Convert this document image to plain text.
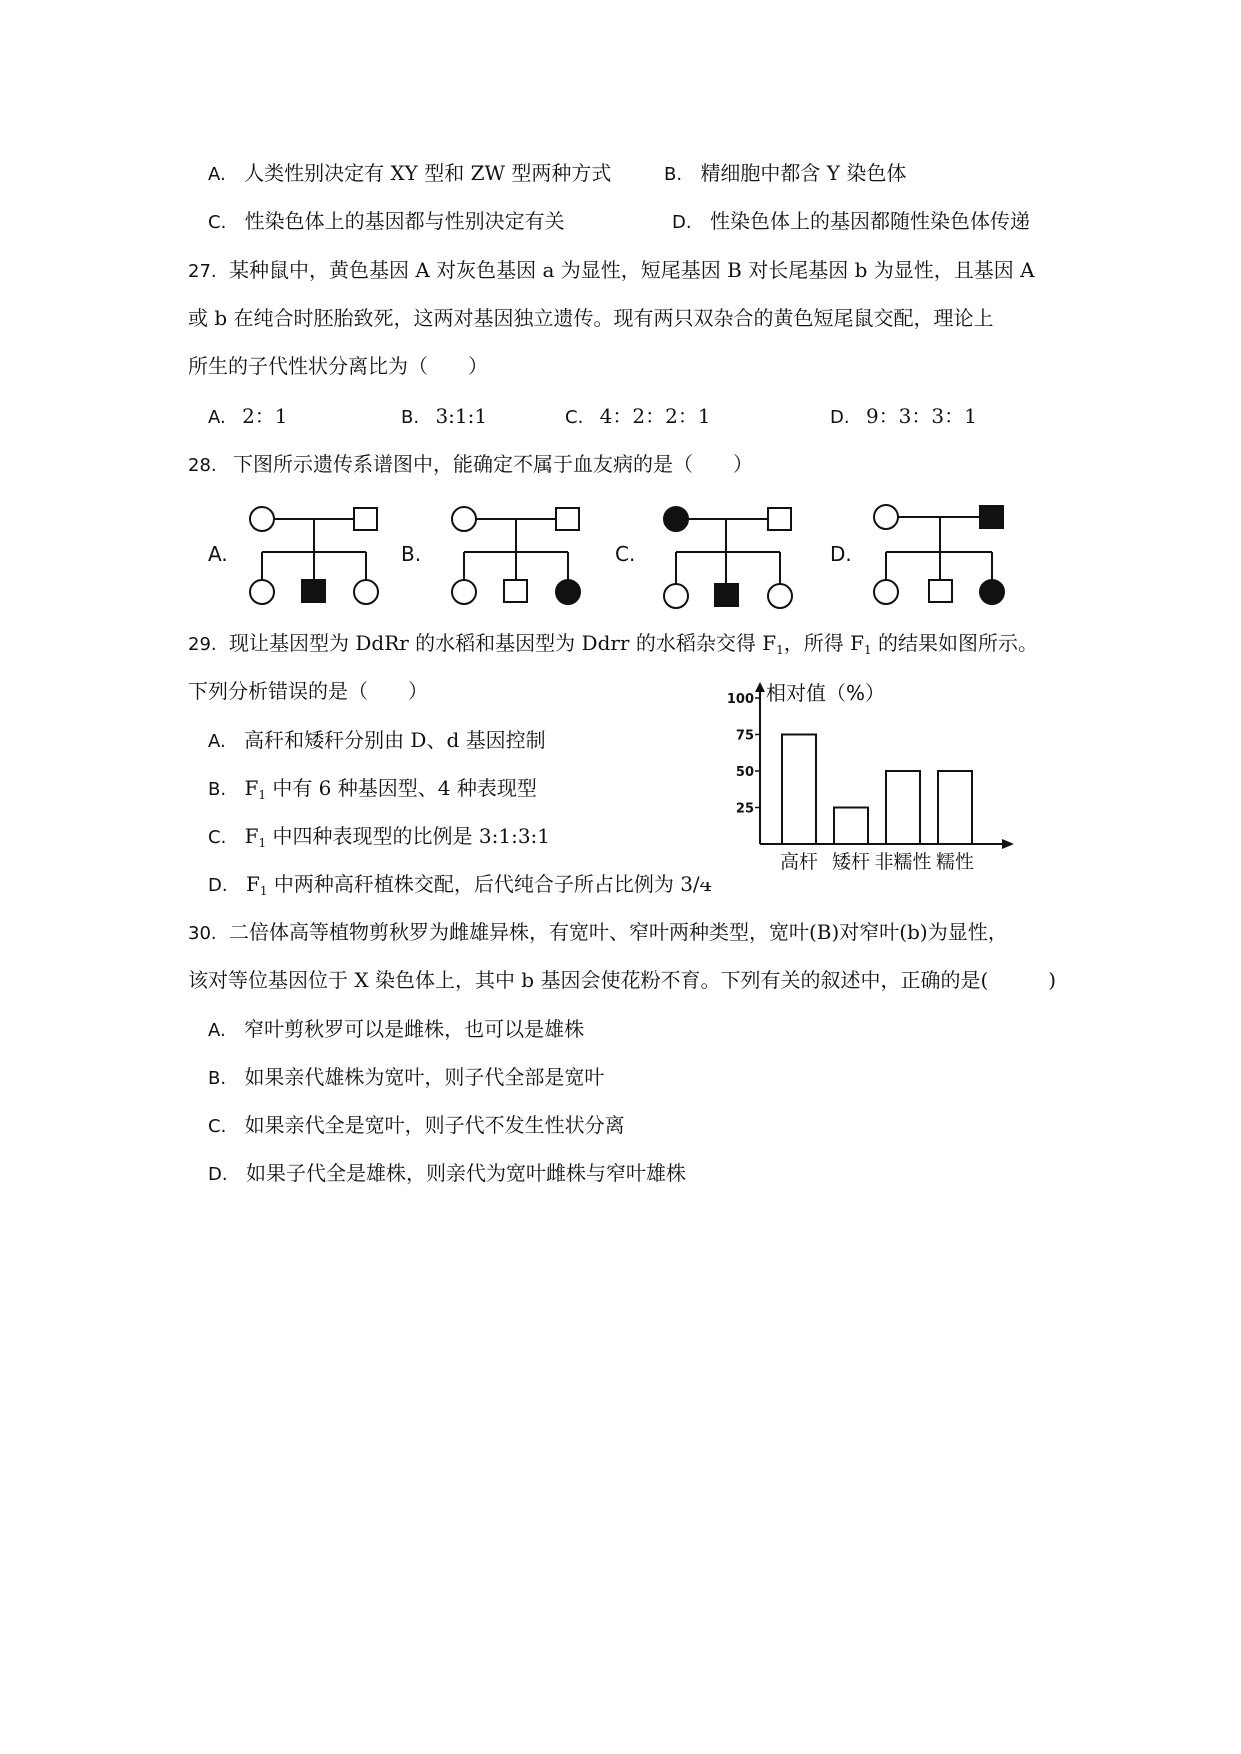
A. 人类性别决定有 XY 型和 ZW 型两种方式	B. 精细胞中都含 Y 染色体
C. 性染色体上的基因都与性别决定有关	D. 性染色体上的基因都随性染色体传递
27. 某种鼠中，黄色基因 A 对灰色基因 a 为显性，短尾基因 B 对长尾基因 b 为显性，且基因 A
或 b 在纯合时胚胎致死，这两对基因独立遗传。现有两只双杂合的黄色短尾鼠交配，理论上
所生的子代性状分离比为（　　）
A. 2：1	B. 3:1:1	C. 4：2：2：1	D. 9：3：3：1
28. 下图所示遗传系谱图中，能确定不属于血友病的是（　　）
A.	B.	C.	D.
29. 现让基因型为 DdRr 的水稻和基因型为 Ddrr 的水稻杂交得 $F_1$，所得 $F_1$ 的结果如图所示。
下列分析错误的是（　　）
A. 高秆和矮秆分别由 D、d 基因控制
B. $F_1$ 中有 6 种基因型、4 种表现型
C. $F_1$ 中四种表现型的比例是 3:1:3:1
D. $F_1$ 中两种高秆植株交配，后代纯合子所占比例为 3/4
相对值（%）
100
75
50
25
高杆 矮杆 非糯性 糯性
30. 二倍体高等植物剪秋罗为雌雄异株，有宽叶、窄叶两种类型，宽叶(B)对窄叶(b)为显性，
该对等位基因位于 X 染色体上，其中 b 基因会使花粉不育。下列有关的叙述中，正确的是(　　　)
A. 窄叶剪秋罗可以是雌株，也可以是雄株
B. 如果亲代雄株为宽叶，则子代全部是宽叶
C. 如果亲代全是宽叶，则子代不发生性状分离
D. 如果子代全是雄株，则亲代为宽叶雌株与窄叶雄株
